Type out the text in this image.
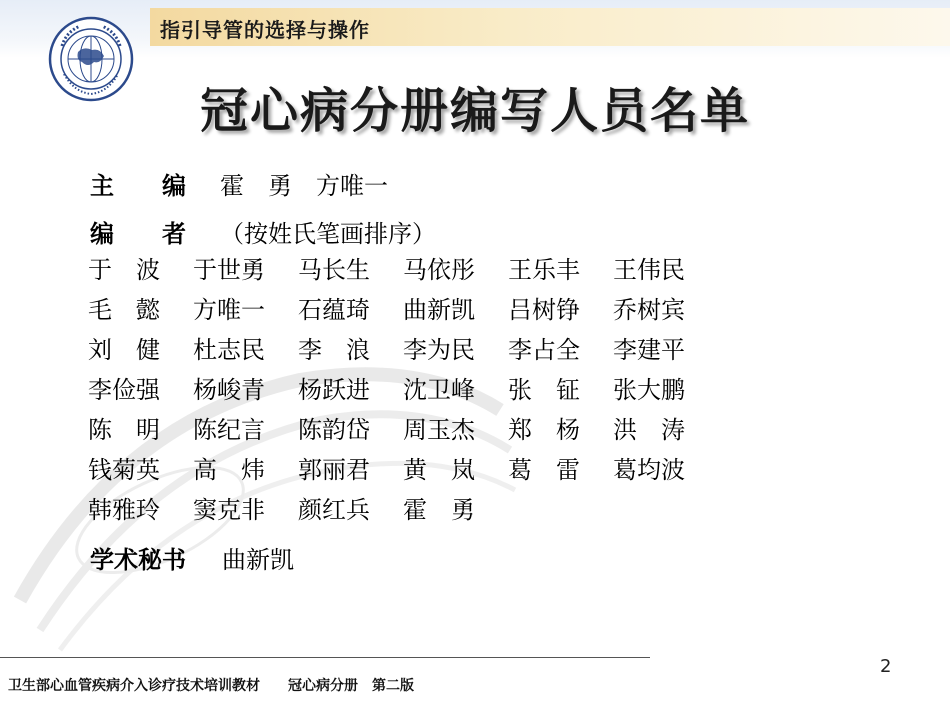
指引导管的选择与操作
冠心病分册编写人员名单
主　　编 霍　勇　方唯一
编　　者 （按姓氏笔画排序）
于　波	于世勇	马长生	马依彤	王乐丰	王伟民
毛　懿	方唯一	石蕴琦	曲新凯	吕树铮	乔树宾
刘　健	杜志民	李　浪	李为民	李占全	李建平
李俭强	杨峻青	杨跃进	沈卫峰	张　钲	张大鹏
陈　明	陈纪言	陈韵岱	周玉杰	郑　杨	洪　涛
钱菊英	高　炜	郭丽君	黄　岚	葛　雷	葛均波
韩雅玲	窦克非	颜红兵	霍　勇
学术秘书 曲新凯
2
卫生部心血管疾病介入诊疗技术培训教材　　冠心病分册　第二版
